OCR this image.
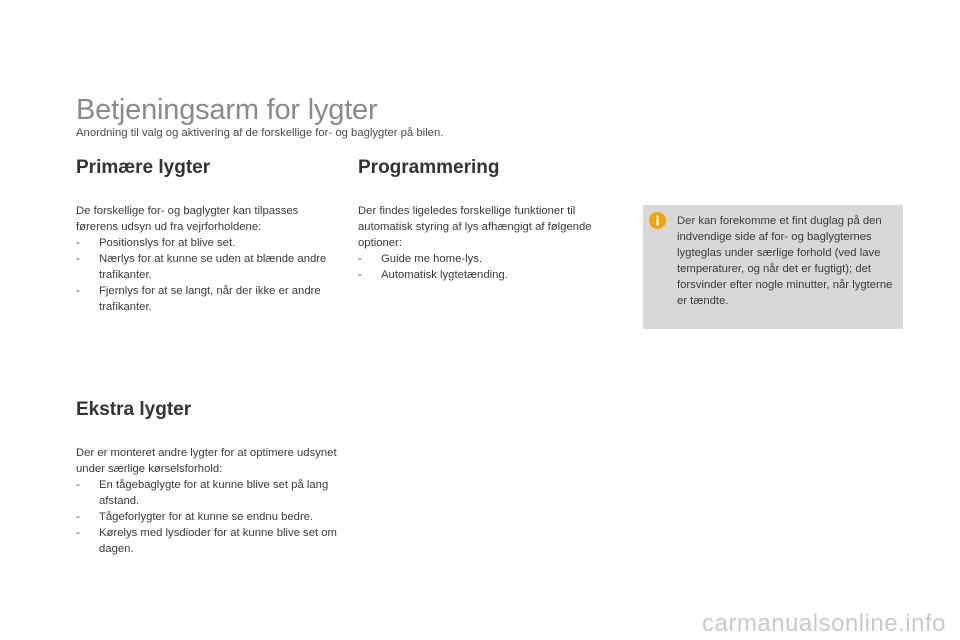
Betjeningsarm for lygter
Anordning til valg og aktivering af de forskellige for- og baglygter på bilen.
Primære lygter

De forskellige for- og baglygter kan tilpasses førerens udsyn ud fra vejrforholdene:

- Positionslys for at blive set.
- Nærlys for at kunne se uden at blænde andre trafikanter.
- Fjernlys for at se langt, når der ikke er andre trafikanter.
Ekstra lygter

Der er monteret andre lygter for at optimere udsynet under særlige kørselsforhold:

- En tågebaglygte for at kunne blive set på lang afstand.
- Tågeforlygter for at kunne se endnu bedre.
- Kørelys med lysdioder for at kunne blive set om dagen.
Programmering

Der findes ligeledes forskellige funktioner til automatisk styring af lys afhængigt af følgende optioner:

- Guide me home-lys.
- Automatisk lygtetænding.
Der kan forekomme et fint duglag på den indvendige side af for- og baglygternes lygteglas under særlige forhold (ved lave temperaturer, og når det er fugtigt); det forsvinder efter nogle minutter, når lygterne er tændte.
carmanualsonline.info
